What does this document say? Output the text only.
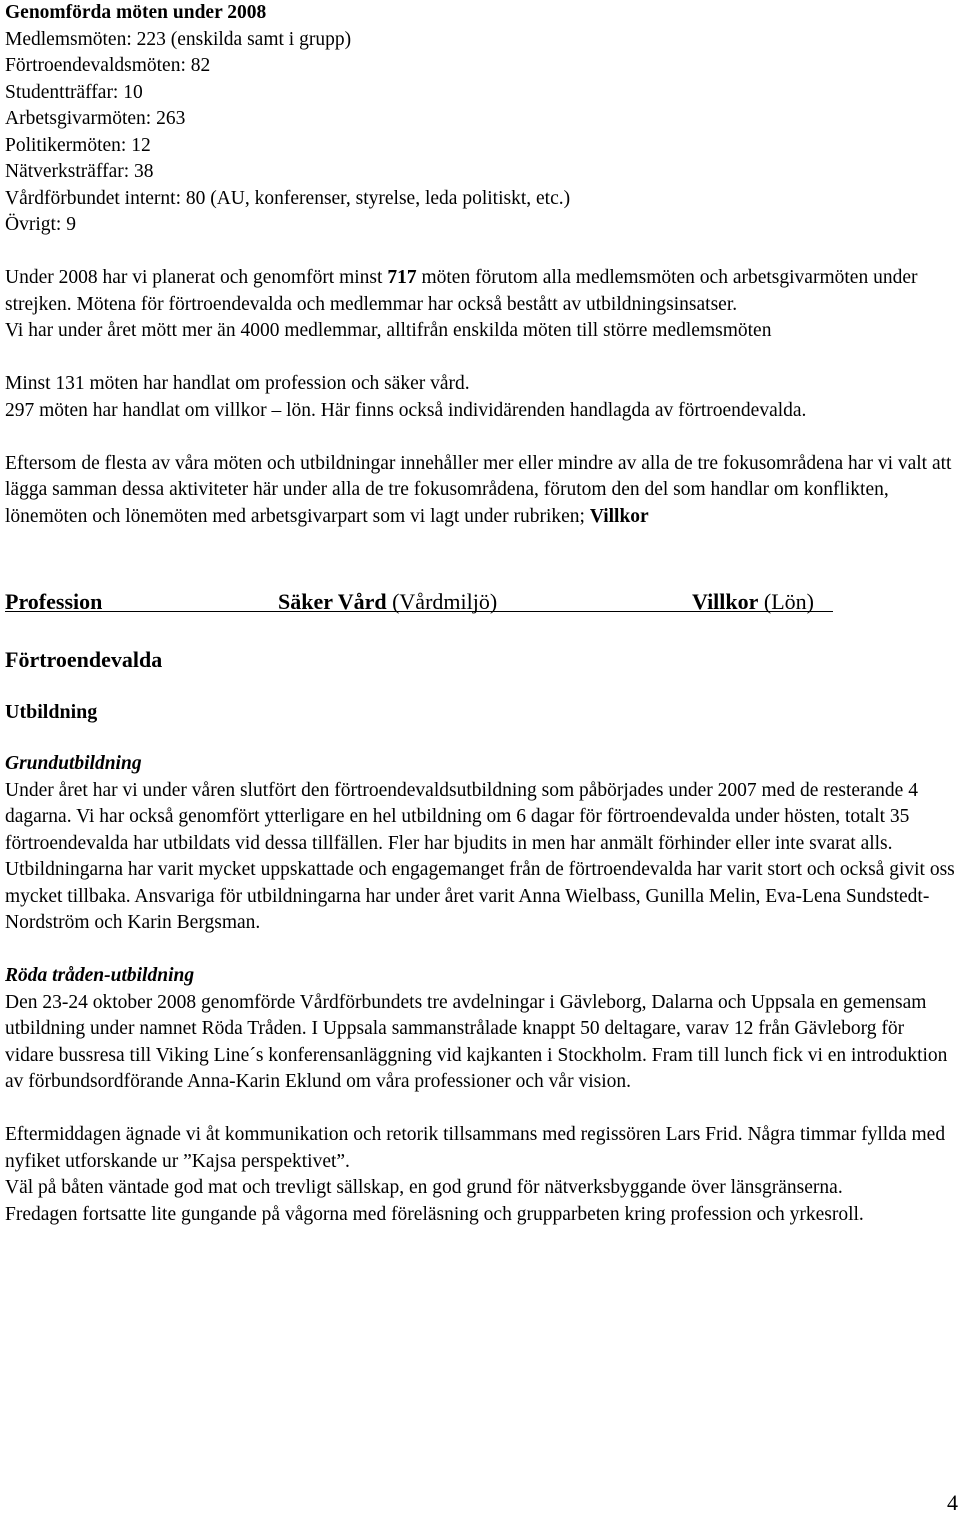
Genomförda möten under 2008

Medlemsmöten: 223 (enskilda samt i grupp)

Förtroendevaldsmöten: 82

Studentträffar: 10

Arbetsgivarmöten: 263

Politikermöten: 12

Nätverksträffar: 38

Vårdförbundet internt: 80 (AU, konferenser, styrelse, leda politiskt, etc.)

Övrigt: 9

Under 2008 har vi planerat och genomfört minst 717 möten förutom alla medlemsmöten och arbetsgivarmöten under strejken. Mötena för förtroendevalda och medlemmar har också bestått av utbildningsinsatser.

Vi har under året mött mer än 4000 medlemmar, alltifrån enskilda möten till större medlemsmöten

Minst 131 möten har handlat om profession och säker vård.

297 möten har handlat om villkor – lön. Här finns också individärenden handlagda av förtroendevalda.

Eftersom de flesta av våra möten och utbildningar innehåller mer eller mindre av alla de tre fokusområdena har vi valt att lägga samman dessa aktiviteter här under alla de tre fokusområdena, förutom den del som handlar om konflikten, lönemöten och lönemöten med arbetsgivarpart som vi lagt under rubriken; Villkor

Profession	Säker Vård (Vårdmiljö)	Villkor (Lön)

Förtroendevalda

Utbildning

Grundutbildning

Under året har vi under våren slutfört den förtroendevaldsutbildning som påbörjades under 2007 med de resterande 4 dagarna. Vi har också genomfört ytterligare en hel utbildning om 6 dagar för förtroendevalda under hösten, totalt 35 förtroendevalda har utbildats vid dessa tillfällen. Fler har bjudits in men har anmält förhinder eller inte svarat alls.

Utbildningarna har varit mycket uppskattade och engagemanget från de förtroendevalda har varit stort och också givit oss mycket tillbaka. Ansvariga för utbildningarna har under året varit Anna Wielbass, Gunilla Melin, Eva-Lena Sundstedt-Nordström och Karin Bergsman.

Röda tråden-utbildning

Den 23-24 oktober 2008 genomförde Vårdförbundets tre avdelningar i Gävleborg, Dalarna och Uppsala en gemensam utbildning under namnet Röda Tråden. I Uppsala sammanstrålade knappt 50 deltagare, varav 12 från Gävleborg för vidare bussresa till Viking Line´s konferensanläggning vid kajkanten i Stockholm. Fram till lunch fick vi en introduktion av förbundsordförande Anna-Karin Eklund om våra professioner och vår vision.

Eftermiddagen ägnade vi åt kommunikation och retorik tillsammans med regissören Lars Frid. Några timmar fyllda med nyfiket utforskande ur ”Kajsa perspektivet”.

Väl på båten väntade god mat och trevligt sällskap, en god grund för nätverksbyggande över länsgränserna.

Fredagen fortsatte lite gungande på vågorna med föreläsning och grupparbeten kring profession och yrkesroll.

4
